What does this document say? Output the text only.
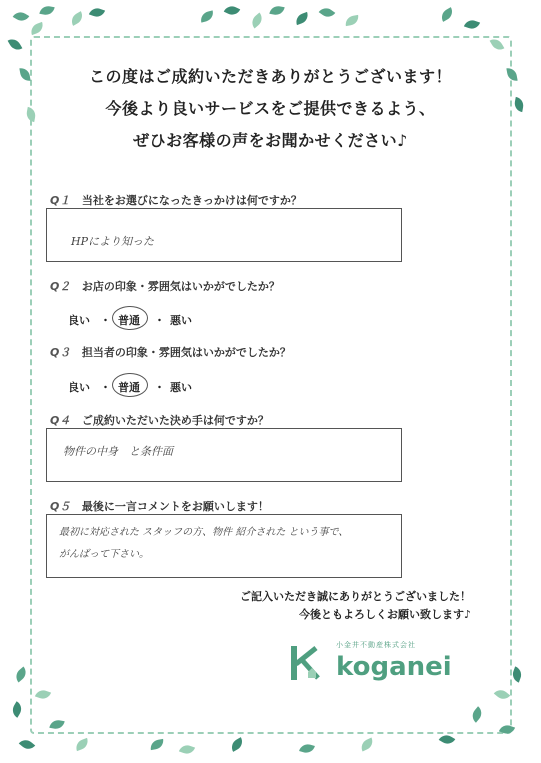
この度はご成約いただきありがとうございます！
今後より良いサービスをご提供できるよう、
ぜひお客様の声をお聞かせください♪
Q１ 当社をお選びになったきっかけは何ですか？
HPにより知った
Q２ お店の印象・雰囲気はいかがでしたか？
良い ・ 普通 ・ 悪い
Q３ 担当者の印象・雰囲気はいかがでしたか？
良い ・ 普通 ・ 悪い
Q４ ご成約いただいた決め手は何ですか？
物件の中身　と条件面
Q５ 最後に一言コメントをお願いします！
最初に対応された スタッフの方、物件 紹介された という事で、
がんばって下さい。
ご記入いただき誠にありがとうございました！
今後ともよろしくお願い致します♪
小金井不動産株式会社
koganei
